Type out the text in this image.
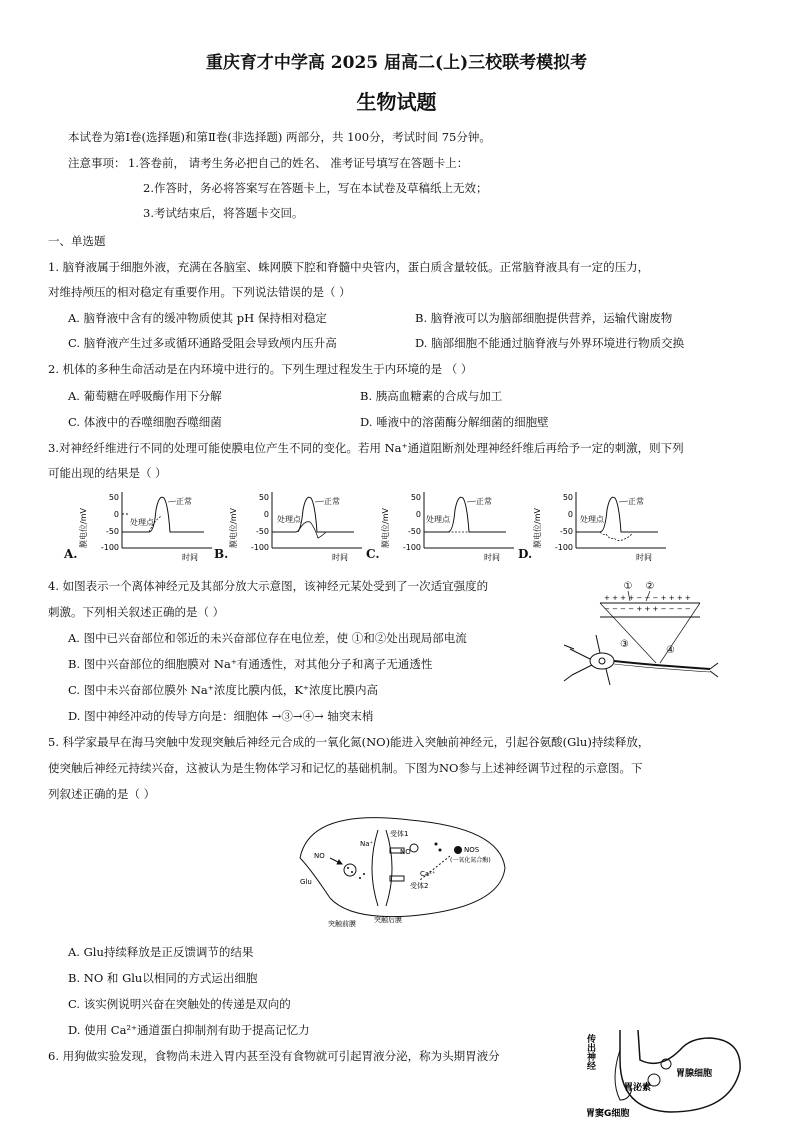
重庆育才中学高 2025 届高二(上)三校联考模拟考
生物试题
本试卷为第Ⅰ卷(选择题)和第Ⅱ卷(非选择题) 两部分，共 100分，考试时间 75分钟。
注意事项： 1.答卷前， 请考生务必把自己的姓名、 准考证号填写在答题卡上：
2.作答时，务必将答案写在答题卡上，写在本试卷及草稿纸上无效；
3.考试结束后，将答题卡交回。
一、单选题
1. 脑脊液属于细胞外液，充满在各脑室、蛛网膜下腔和脊髓中央管内，蛋白质含量较低。正常脑脊液具有一定的压力，
对维持颅压的相对稳定有重要作用。下列说法错误的是（ ）
A. 脑脊液中含有的缓冲物质使其 pH 保持相对稳定	B. 脑脊液可以为脑部细胞提供营养，运输代谢废物
C. 脑脊液产生过多或循环通路受阻会导致颅内压升高	D. 脑部细胞不能通过脑脊液与外界环境进行物质交换
2. 机体的多种生命活动是在内环境中进行的。下列生理过程发生于内环境的是 （ ）
A. 葡萄糖在呼吸酶作用下分解	B. 胰高血糖素的合成与加工
C. 体液中的吞噬细胞吞噬细菌	D. 唾液中的溶菌酶分解细菌的细胞壁
3.对神经纤维进行不同的处理可能使膜电位产生不同的变化。若用 Na⁺通道阻断剂处理神经纤维后再给予一定的刺激，则下列
可能出现的结果是（ ）
A.
膜电位/mV
50
0
-50
-100
处理点
正常
时间 B.
膜电位/mV
50
0
-50
-100
处理点
正常
时间 C.
膜电位/mV
50
0
-50
-100
处理点
正常
时间 D.
膜电位/mV
50
0
-50
-100
处理点
正常
时间
4. 如图表示一个离体神经元及其部分放大示意图，该神经元某处受到了一次适宜强度的
刺激。下列相关叙述正确的是（ ）
A. 图中已兴奋部位和邻近的未兴奋部位存在电位差，使 ①和②处出现局部电流
B. 图中兴奋部位的细胞膜对 Na⁺有通透性，对其他分子和离子无通透性
C. 图中未兴奋部位膜外 Na⁺浓度比膜内低，K⁺浓度比膜内高
D. 图中神经冲动的传导方向是：细胞体 →③→④→ 轴突末梢
① ②
+ + + + − − − + + + +
− − − − + + + − − − −
③
④
5. 科学家最早在海马突触中发现突触后神经元合成的一氧化氮(NO)能进入突触前神经元，引起谷氨酸(Glu)持续释放，
使突触后神经元持续兴奋，这被认为是生物体学习和记忆的基础机制。下图为NO参与上述神经调节过程的示意图。下
列叙述正确的是（ ）
受体1
受体2
Na⁺
NO	NO
Glu
Ca²⁺
NOS
(一氧化氮合酶)
突触前膜	突触后膜
A. Glu持续释放是正反馈调节的结果
B. NO 和 Glu以相同的方式运出细胞
C. 该实例说明兴奋在突触处的传递是双向的
D. 使用 Ca²⁺通道蛋白抑制剂有助于提高记忆力
6. 用狗做实验发现，食物尚未进入胃内甚至没有食物就可引起胃液分泌，称为头期胃液分	传出神经
胃泌素
胃腺细胞
胃窦G细胞
